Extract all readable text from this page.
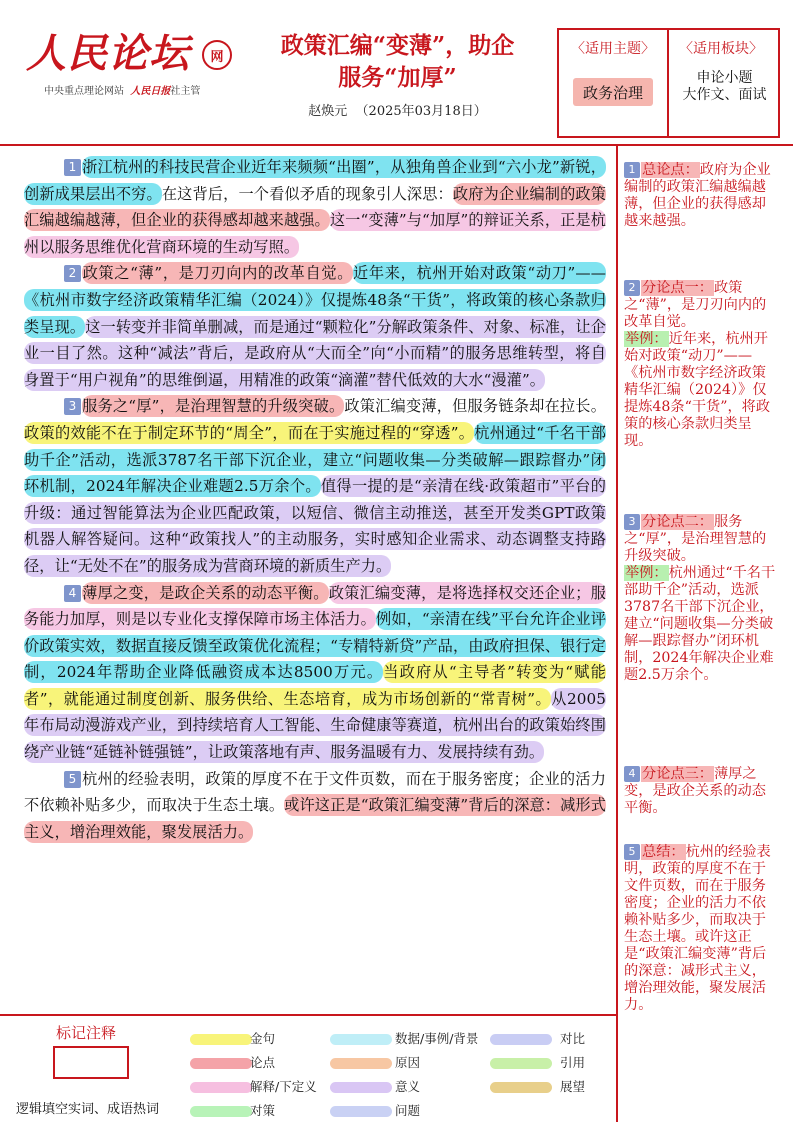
人民论坛	网
中央重点理论网站 人民日报社主管
政策汇编“变薄”，助企
服务“加厚”
赵焕元 （2025年03月18日）
〈适用主题〉 〈适用板块〉
政务治理
申论小题
大作文、面试

1 浙江杭州的科技民营企业近年来频频“出圈”，从独角兽企业到“六小龙”新锐，创新成果层出不穷。在这背后，一个看似矛盾的现象引人深思：政府为企业编制的政策汇编越编越薄，但企业的获得感却越来越强。这一“变薄”与“加厚”的辩证关系，正是杭州以服务思维优化营商环境的生动写照。

2 政策之“薄”，是刀刃向内的改革自觉。近年来，杭州开始对政策“动刀”——《杭州市数字经济政策精华汇编（2024）》仅提炼48条“干货”，将政策的核心条款归类呈现。这一转变并非简单删减，而是通过“颗粒化”分解政策条件、对象、标准，让企业一目了然。这种“减法”背后，是政府从“大而全”向“小而精”的服务思维转型，将自身置于“用户视角”的思维倒逼，用精准的政策“滴灌”替代低效的大水“漫灌”。

3 服务之“厚”，是治理智慧的升级突破。政策汇编变薄，但服务链条却在拉长。政策的效能不在于制定环节的“周全”，而在于实施过程的“穿透”。杭州通过“千名干部助千企”活动，选派3787名干部下沉企业，建立“问题收集—分类破解—跟踪督办”闭环机制，2024年解决企业难题2.5万余个。值得一提的是“亲清在线·政策超市”平台的升级：通过智能算法为企业匹配政策，以短信、微信主动推送，甚至开发类GPT政策机器人解答疑问。这种“政策找人”的主动服务，实时感知企业需求、动态调整支持路径，让“无处不在”的服务成为营商环境的新质生产力。

4 薄厚之变，是政企关系的动态平衡。政策汇编变薄，是将选择权交还企业；服务能力加厚，则是以专业化支撑保障市场主体活力。例如，“亲清在线”平台允许企业评价政策实效，数据直接反馈至政策优化流程；“专精特新贷”产品，由政府担保、银行定制，2024年帮助企业降低融资成本达8500万元。当政府从“主导者”转变为“赋能者”，就能通过制度创新、服务供给、生态培育，成为市场创新的“常青树”。从2005年布局动漫游戏产业，到持续培育人工智能、生命健康等赛道，杭州出台的政策始终围绕产业链“延链补链强链”，让政策落地有声、服务温暖有力、发展持续有劲。

5 杭州的经验表明，政策的厚度不在于文件页数，而在于服务密度；企业的活力不依赖补贴多少，而取决于生态土壤。或许这正是“政策汇编变薄”背后的深意：减形式主义，增治理效能，聚发展活力。

1 总论点：政府为企业编制的政策汇编越编越薄，但企业的获得感却越来越强。
2 分论点一：政策之“薄”，是刀刃向内的改革自觉。
举例：近年来，杭州开始对政策“动刀”——《杭州市数字经济政策精华汇编（2024）》仅提炼48条“干货”，将政策的核心条款归类呈现。
3 分论点二：服务之“厚”，是治理智慧的升级突破。
举例：杭州通过“千名干部助千企”活动，选派3787名干部下沉企业，建立“问题收集—分类破解—跟踪督办”闭环机制，2024年解决企业难题2.5万余个。
4 分论点三：薄厚之变，是政企关系的动态平衡。
5 总结：杭州的经验表明，政策的厚度不在于文件页数，而在于服务密度；企业的活力不依赖补贴多少，而取决于生态土壤。或许这正是“政策汇编变薄”背后的深意：减形式主义，增治理效能，聚发展活力。
标记注释
逻辑填空实词、成语热词
金句
论点
解释/下定义
对策
数据/事例/背景
原因
意义
问题
对比
引用
展望
